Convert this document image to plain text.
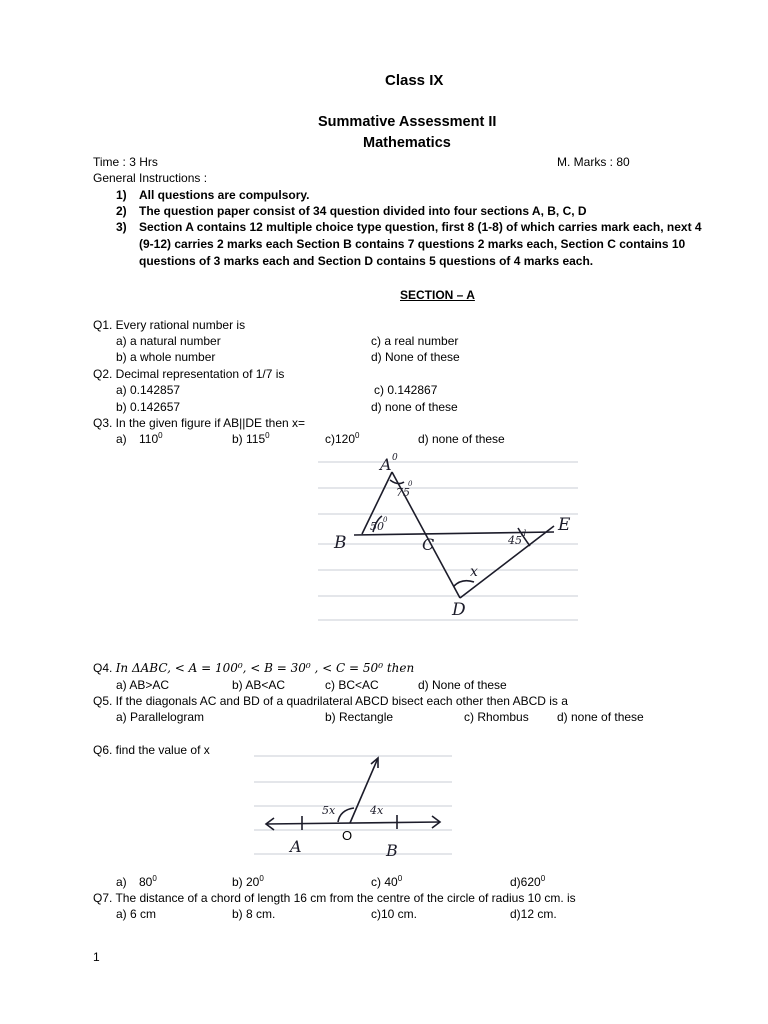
Class IX
Summative Assessment II
Mathematics
Time : 3 Hrs	M. Marks : 80
General Instructions :
1) All questions are compulsory.
2) The question paper consist of 34 question divided into four sections A, B, C, D
3) Section A contains 12 multiple choice type question, first 8 (1-8) of which carries mark each, next 4
(9-12) carries 2 marks each Section B contains 7 questions 2 marks each, Section C contains 10
questions of 3 marks each and Section D contains 5 questions of 4 marks each.
SECTION – A
Q1. Every rational number is
a) a natural number	c) a real number
b) a whole number	d) None of these
Q2. Decimal representation of 1/7 is
a) 0.142857	c) 0.142867
b) 0.142657	d) none of these
Q3. In the given figure if AB||DE then x=
a) $110^0$	b) $115^0$	$c)120^0$	d) none of these
A 0
B	C
D
E
x
75
0
50 0
45
d
Q4. In ΔABC, < A = 100⁰, < B = 30⁰ , < C = 50⁰ then
a) AB>AC	b) AB<AC	c) BC<AC	d) None of these
Q5. If the diagonals AC and BD of a quadrilateral ABCD bisect each other then ABCD is a
a) Parallelogram	b) Rectangle	c) Rhombus d) none of these
Q6. find the value of x
A	B
5x	4x
O
a) $80^0$	b) $20^0$	c) $40^0$	$d)620^0$
Q7. The distance of a chord of length 16 cm from the centre of the circle of radius 10 cm. is
a) 6 cm	b) 8 cm.	c)10 cm.	d)12 cm.
1
